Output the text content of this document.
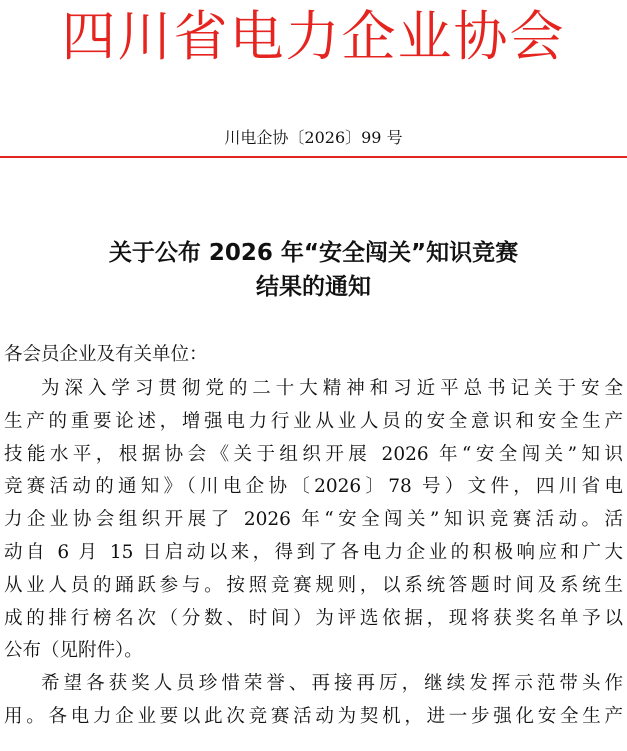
四川省电力企业协会
川电企协〔2026〕99 号
关于公布 2026 年“安全闯关”知识竞赛
结果的通知
各会员企业及有关单位：
为深入学习贯彻党的二十大精神和习近平总书记关于安全
生产的重要论述，增强电力行业从业人员的安全意识和安全生产
技能水平，根据协会《关于组织开展 2026 年“安全闯关”知识
竞赛活动的通知》（川电企协〔2026〕78 号）文件，四川省电
力企业协会组织开展了 2026 年“安全闯关”知识竞赛活动。活
动自 6 月 15 日启动以来，得到了各电力企业的积极响应和广大
从业人员的踊跃参与。按照竞赛规则，以系统答题时间及系统生
成的排行榜名次（分数、时间）为评选依据，现将获奖名单予以
公布（见附件）。
希望各获奖人员珍惜荣誉、再接再厉，继续发挥示范带头作
用。各电力企业要以此次竞赛活动为契机，进一步强化安全生产
